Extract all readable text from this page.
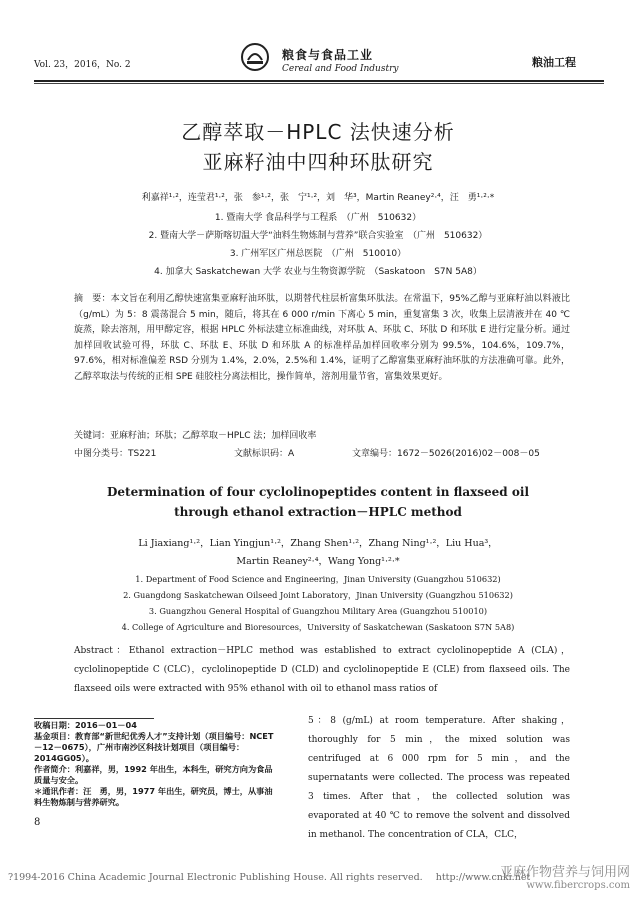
Vol. 23，2016，No. 2
粮食与食品工业
Cereal and Food Industry	粮油工程
乙醇萃取－HPLC 法快速分析
亚麻籽油中四种环肽研究
利嘉祥¹·²，连莹君¹·²，张　参¹·²，张　宁¹·²，刘　华³，Martin Reaney²·⁴，汪　勇¹·²·*
1. 暨南大学 食品科学与工程系　（广州　510632）
2. 暨南大学－萨斯喀切温大学“油料生物炼制与营养”联合实验室　（广州　510632）
3. 广州军区广州总医院　（广州　510010）
4. 加拿大 Saskatchewan 大学 农业与生物资源学院　（Saskatoon　S7N 5A8）
摘　要：本文旨在利用乙醇快速富集亚麻籽油环肽，以期替代柱层析富集环肽法。在常温下，95%乙醇与亚麻籽油以料液比（g/mL）为 5：8 震荡混合 5 min，随后，将其在 6 000 r/min 下离心 5 min，重复富集 3 次，收集上层清液并在 40 ℃旋蒸，除去溶剂，用甲醇定容，根据 HPLC 外标法建立标准曲线，对环肽 A、环肽 C、环肽 D 和环肽 E 进行定量分析。通过加样回收试验可得，环肽 C、环肽 E、环肽 D 和环肽 A 的标准样品加样回收率分别为 99.5%，104.6%，109.7%，97.6%，相对标准偏差 RSD 分别为 1.4%，2.0%，2.5%和 1.4%，证明了乙醇富集亚麻籽油环肽的方法准确可靠。此外，乙醇萃取法与传统的正相 SPE 硅胶柱分离法相比，操作简单，溶剂用量节省，富集效果更好。
关键词：亚麻籽油；环肽；乙醇萃取－HPLC 法；加样回收率
中图分类号：TS221	文献标识码：A	文章编号：1672－5026(2016)02－008－05
Determination of four cyclolinopeptides content in flaxseed oil
through ethanol extraction－HPLC method
Li Jiaxiang¹·²，Lian Yingjun¹·²，Zhang Shen¹·²，Zhang Ning¹·²，Liu Hua³，
Martin Reaney²·⁴，Wang Yong¹·²·*
1. Department of Food Science and Engineering，Jinan University (Guangzhou 510632)
2. Guangdong Saskatchewan Oilseed Joint Laboratory，Jinan University (Guangzhou 510632)
3. Guangzhou General Hospital of Guangzhou Military Area (Guangzhou 510010)
4. College of Agriculture and Bioresources，University of Saskatchewan (Saskatoon S7N 5A8)
Abstract：Ethanol extraction－HPLC method was established to extract cyclolinopeptide A (CLA)，cyclolinopeptide C (CLC)，cyclolinopeptide D (CLD) and cyclolinopeptide E (CLE) from flaxseed oils. The flaxseed oils were extracted with 95% ethanol with oil to ethanol mass ratios of
5：8 (g/mL) at room temperature. After shaking，thoroughly for 5 min，the mixed solution was centrifuged at 6 000 rpm for 5 min，and the supernatants were collected. The process was repeated 3 times. After that，the collected solution was evaporated at 40 ℃ to remove the solvent and dissolved in methanol. The concentration of CLA，CLC，
收稿日期：2016－01－04
基金项目：教育部“新世纪优秀人才”支持计划（项目编号：NCET－12－0675），广州市南沙区科技计划项目（项目编号：2014GG05）。
作者简介：利嘉祥，男，1992 年出生，本科生，研究方向为食品质量与安全。
＊通讯作者：汪　勇，男，1977 年出生，研究员，博士，从事油料生物炼制与营养研究。
8
?1994-2016 China Academic Journal Electronic Publishing House. All rights reserved. http://www.cnki.net
亚麻作物营养与饲用网
www.fibercrops.com
